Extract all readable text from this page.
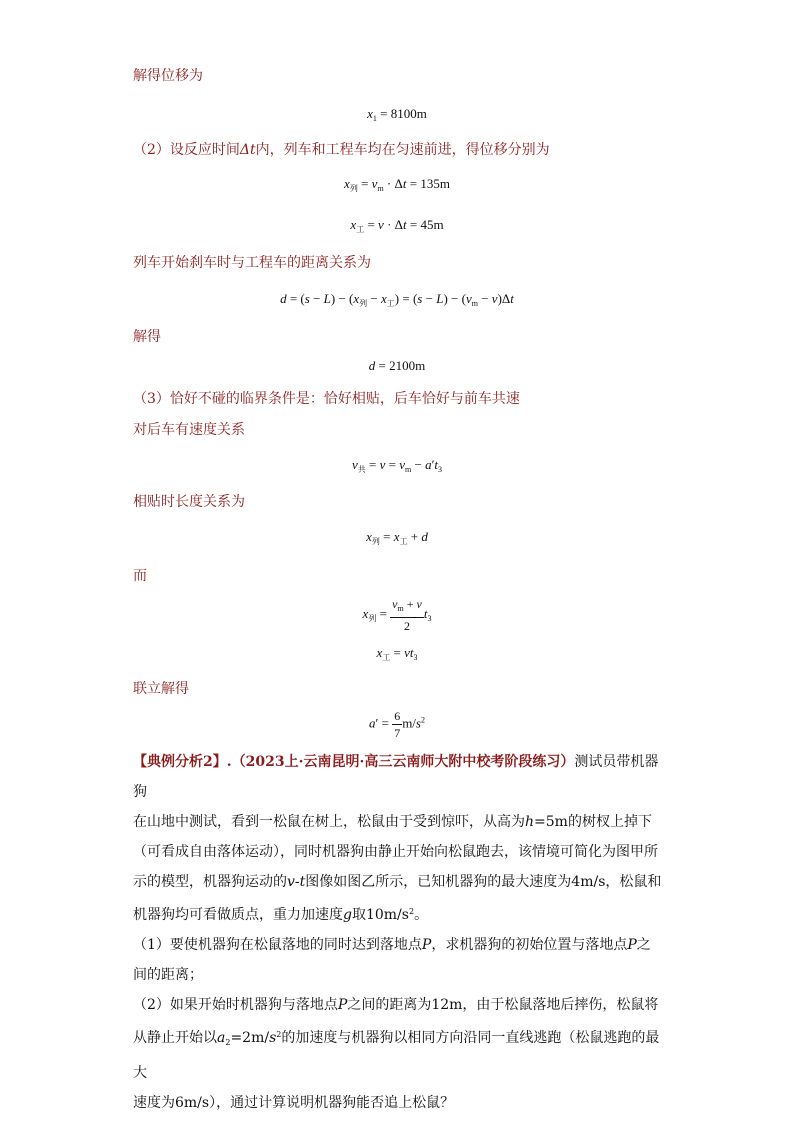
解得位移为
$x_1 = 8100m$
（2）设反应时间Δt内，列车和工程车均在匀速前进，得位移分别为
$x_列 = v_m \cdot \Delta t = 135m$
$x_工 = v \cdot \Delta t = 45m$
列车开始刹车时与工程车的距离关系为
$d = (s - L) - (x_列 - x_工) = (s - L) - (v_m - v)\Delta t$
解得
d = 2100m
（3）恰好不碰的临界条件是：恰好相贴，后车恰好与前车共速
对后车有速度关系
$v_共 = v = v_m - a't_3$
相贴时长度关系为
$x_列 = x_工 + d$
而
$x_列 = \frac{v_m + v}{2} t_3$
$x_工 = vt_3$
联立解得
$a' = \frac{6}{7} m/s^2$
【典例分析2】.（2023上·云南昆明·高三云南师大附中校考阶段练习）测试员带机器狗
在山地中测试，看到一松鼠在树上，松鼠由于受到惊吓，从高为h=5m的树杈上掉下
（可看成自由落体运动），同时机器狗由静止开始向松鼠跑去，该情境可简化为图甲所
示的模型，机器狗运动的v-t图像如图乙所示，已知机器狗的最大速度为4m/s，松鼠和
机器狗均可看做质点，重力加速度g取$10m/s^2$。
（1）要使机器狗在松鼠落地的同时达到落地点P，求机器狗的初始位置与落地点P之
间的距离；
（2）如果开始时机器狗与落地点P之间的距离为12m，由于松鼠落地后摔伤，松鼠将
从静止开始以$a_2=2m/s^2$的加速度与机器狗以相同方向沿同一直线逃跑（松鼠逃跑的最大
速度为6m/s），通过计算说明机器狗能否追上松鼠？
